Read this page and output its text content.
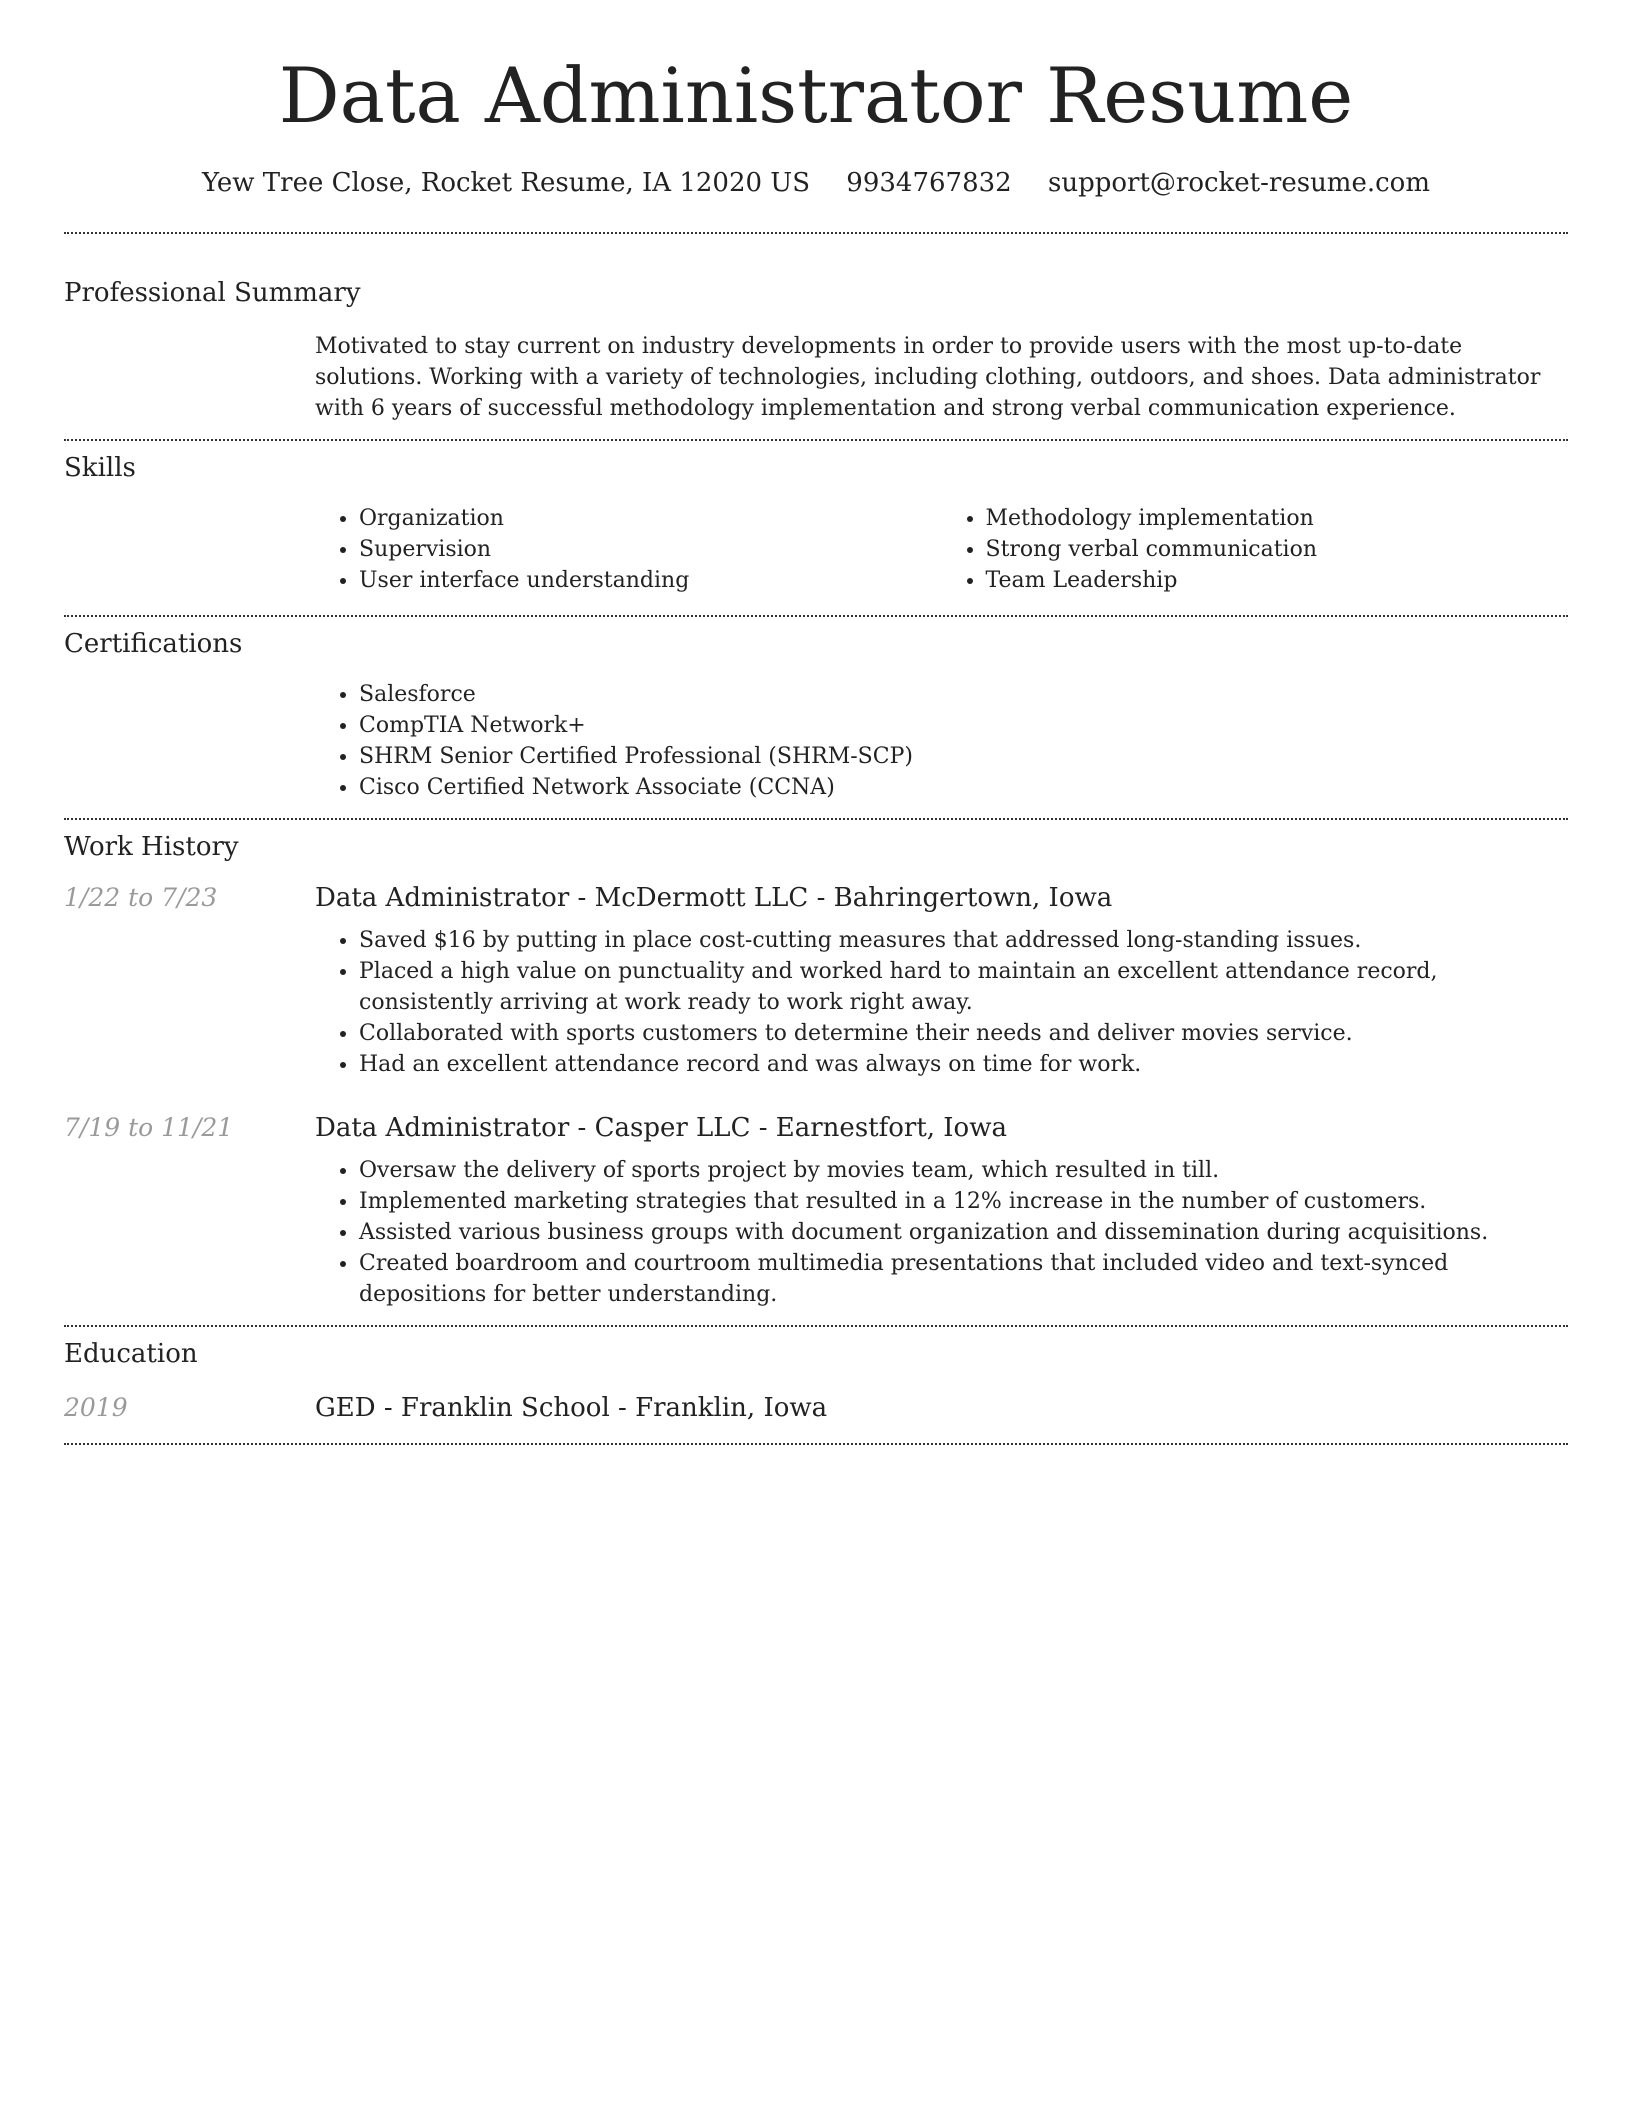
Data Administrator Resume
Yew Tree Close, Rocket Resume, IA 12020 US 9934767832 support@rocket-resume.com
Professional Summary
Motivated to stay current on industry developments in order to provide users with the most up-to-date solutions. Working with a variety of technologies, including clothing, outdoors, and shoes. Data administrator with 6 years of successful methodology implementation and strong verbal communication experience.
Skills
• Organization
• Supervision
• User interface understanding
• Methodology implementation
• Strong verbal communication
• Team Leadership
Certifications
• Salesforce
• CompTIA Network+
• SHRM Senior Certified Professional (SHRM-SCP)
• Cisco Certified Network Associate (CCNA)
Work History
1/22 to 7/23	Data Administrator - McDermott LLC - Bahringertown, Iowa
• Saved $16 by putting in place cost-cutting measures that addressed long-standing issues.
• Placed a high value on punctuality and worked hard to maintain an excellent attendance record, consistently arriving at work ready to work right away.
• Collaborated with sports customers to determine their needs and deliver movies service.
• Had an excellent attendance record and was always on time for work.
7/19 to 11/21	Data Administrator - Casper LLC - Earnestfort, Iowa
• Oversaw the delivery of sports project by movies team, which resulted in till.
• Implemented marketing strategies that resulted in a 12% increase in the number of customers.
• Assisted various business groups with document organization and dissemination during acquisitions.
• Created boardroom and courtroom multimedia presentations that included video and text-synced depositions for better understanding.
Education
2019	GED - Franklin School - Franklin, Iowa
